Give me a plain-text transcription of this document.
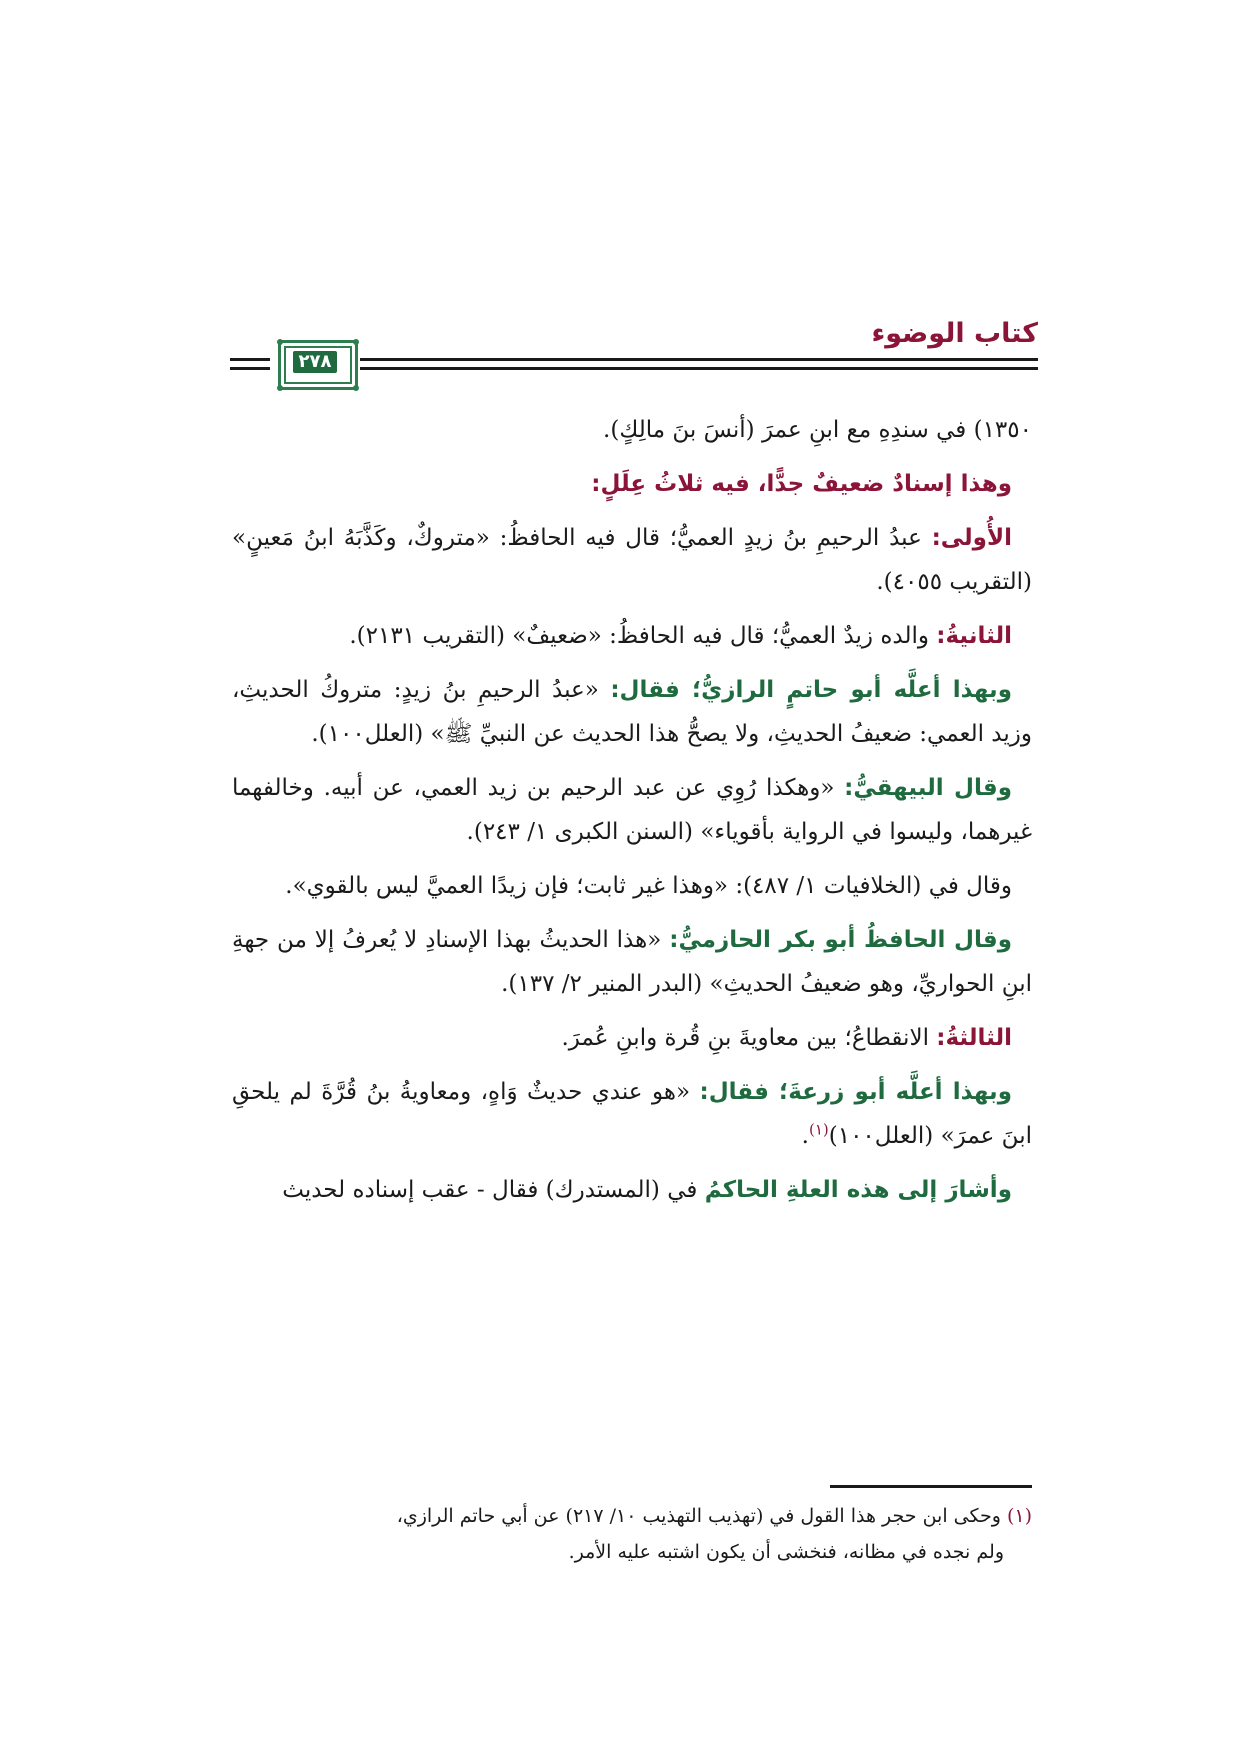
كتاب الوضوء
٢٧٨

١٣٥٠) في سندِهِ مع ابنِ عمرَ (أنسَ بنَ مالِكٍ).

وهذا إسنادٌ ضعيفٌ جدًّا، فيه ثلاثُ عِلَلٍ:

الأُولى: عبدُ الرحيمِ بنُ زيدٍ العميُّ؛ قال فيه الحافظُ: «متروكٌ، وكَذَّبَهُ ابنُ مَعينٍ» (التقريب ٤٠٥٥).

الثانيةُ: والده زيدٌ العميُّ؛ قال فيه الحافظُ: «ضعيفٌ» (التقريب ٢١٣١).

وبهذا أعلَّه أبو حاتمٍ الرازيُّ؛ فقال: «عبدُ الرحيمِ بنُ زيدٍ: متروكُ الحديثِ، وزيد العمي: ضعيفُ الحديثِ، ولا يصحُّ هذا الحديث عن النبيِّ ﷺ» (العلل١٠٠).

وقال البيهقيُّ: «وهكذا رُوِي عن عبد الرحيم بن زيد العمي، عن أبيه. وخالفهما غيرهما، وليسوا في الرواية بأقوياء» (السنن الكبرى ١/ ٢٤٣).

وقال في (الخلافيات ١/ ٤٨٧): «وهذا غير ثابت؛ فإن زيدًا العميَّ ليس بالقوي».

وقال الحافظُ أبو بكر الحازميُّ: «هذا الحديثُ بهذا الإسنادِ لا يُعرفُ إلا من جهةِ ابنِ الحواريِّ، وهو ضعيفُ الحديثِ» (البدر المنير ٢/ ١٣٧).

الثالثةُ: الانقطاعُ؛ بين معاويةَ بنِ قُرة وابنِ عُمرَ.

وبهذا أعلَّه أبو زرعةَ؛ فقال: «هو عندي حديثٌ وَاهٍ، ومعاويةُ بنُ قُرَّةَ لم يلحقِ ابنَ عمرَ» (العلل١٠٠)$^{(١)}$.

وأشارَ إلى هذه العلةِ الحاكمُ في (المستدرك) فقال - عقب إسناده لحديث

(١) وحكى ابن حجر هذا القول في (تهذيب التهذيب ١٠/ ٢١٧) عن أبي حاتم الرازي،
ولم نجده في مظانه، فنخشى أن يكون اشتبه عليه الأمر.
